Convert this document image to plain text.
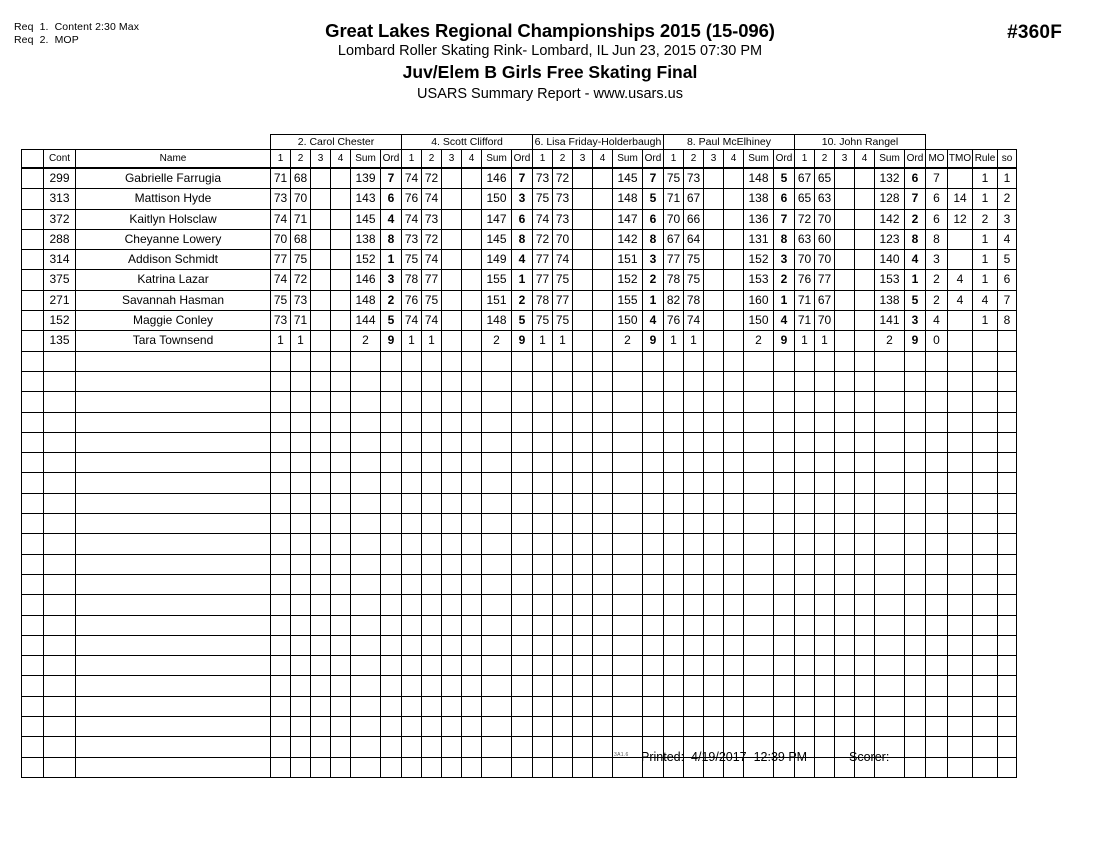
Req  1.  Content 2:30 Max
Req  2.  MOP	Great Lakes Regional Championships 2015 (15-096)
Lombard Roller Skating Rink- Lombard, IL Jun 23, 2015 07:30 PM
Juv/Elem B Girls Free Skating Final
USARS Summary Report - www.usars.us
#360F
			2. Carol Chester						4. Scott Clifford						6. Lisa Friday-Holderbaugh						8. Paul McElhiney						10. John Rangel									
	Cont	Name	1	2	3	4	Sum	Ord	1	2	3	4	Sum	Ord	1	2	3	4	Sum	Ord	1	2	3	4	Sum	Ord	1	2	3	4	Sum	Ord	MO	TMO	Rule	so
	299	Gabrielle Farrugia	71	68			139	7	74	72			146	7	73	72			145	7	75	73			148	5	67	65			132	6	7		1	1
	313	Mattison Hyde	73	70			143	6	76	74			150	3	75	73			148	5	71	67			138	6	65	63			128	7	6	14	1	2
	372	Kaitlyn Holsclaw	74	71			145	4	74	73			147	6	74	73			147	6	70	66			136	7	72	70			142	2	6	12	2	3
	288	Cheyanne Lowery	70	68			138	8	73	72			145	8	72	70			142	8	67	64			131	8	63	60			123	8	8		1	4
	314	Addison Schmidt	77	75			152	1	75	74			149	4	77	74			151	3	77	75			152	3	70	70			140	4	3		1	5
	375	Katrina Lazar	74	72			146	3	78	77			155	1	77	75			152	2	78	75			153	2	76	77			153	1	2	4	1	6
	271	Savannah Hasman	75	73			148	2	76	75			151	2	78	77			155	1	82	78			160	1	71	67			138	5	2	4	4	7
	152	Maggie Conley	73	71			144	5	74	74			148	5	75	75			150	4	76	74			150	4	71	70			141	3	4		1	8
	135	Tara Townsend	1	1			2	9	1	1			2	9	1	1			2	9	1	1			2	9	1	1			2	9	0			

3A1.6 Printed:  4/19/2017  12:39 PM	Scorer:
